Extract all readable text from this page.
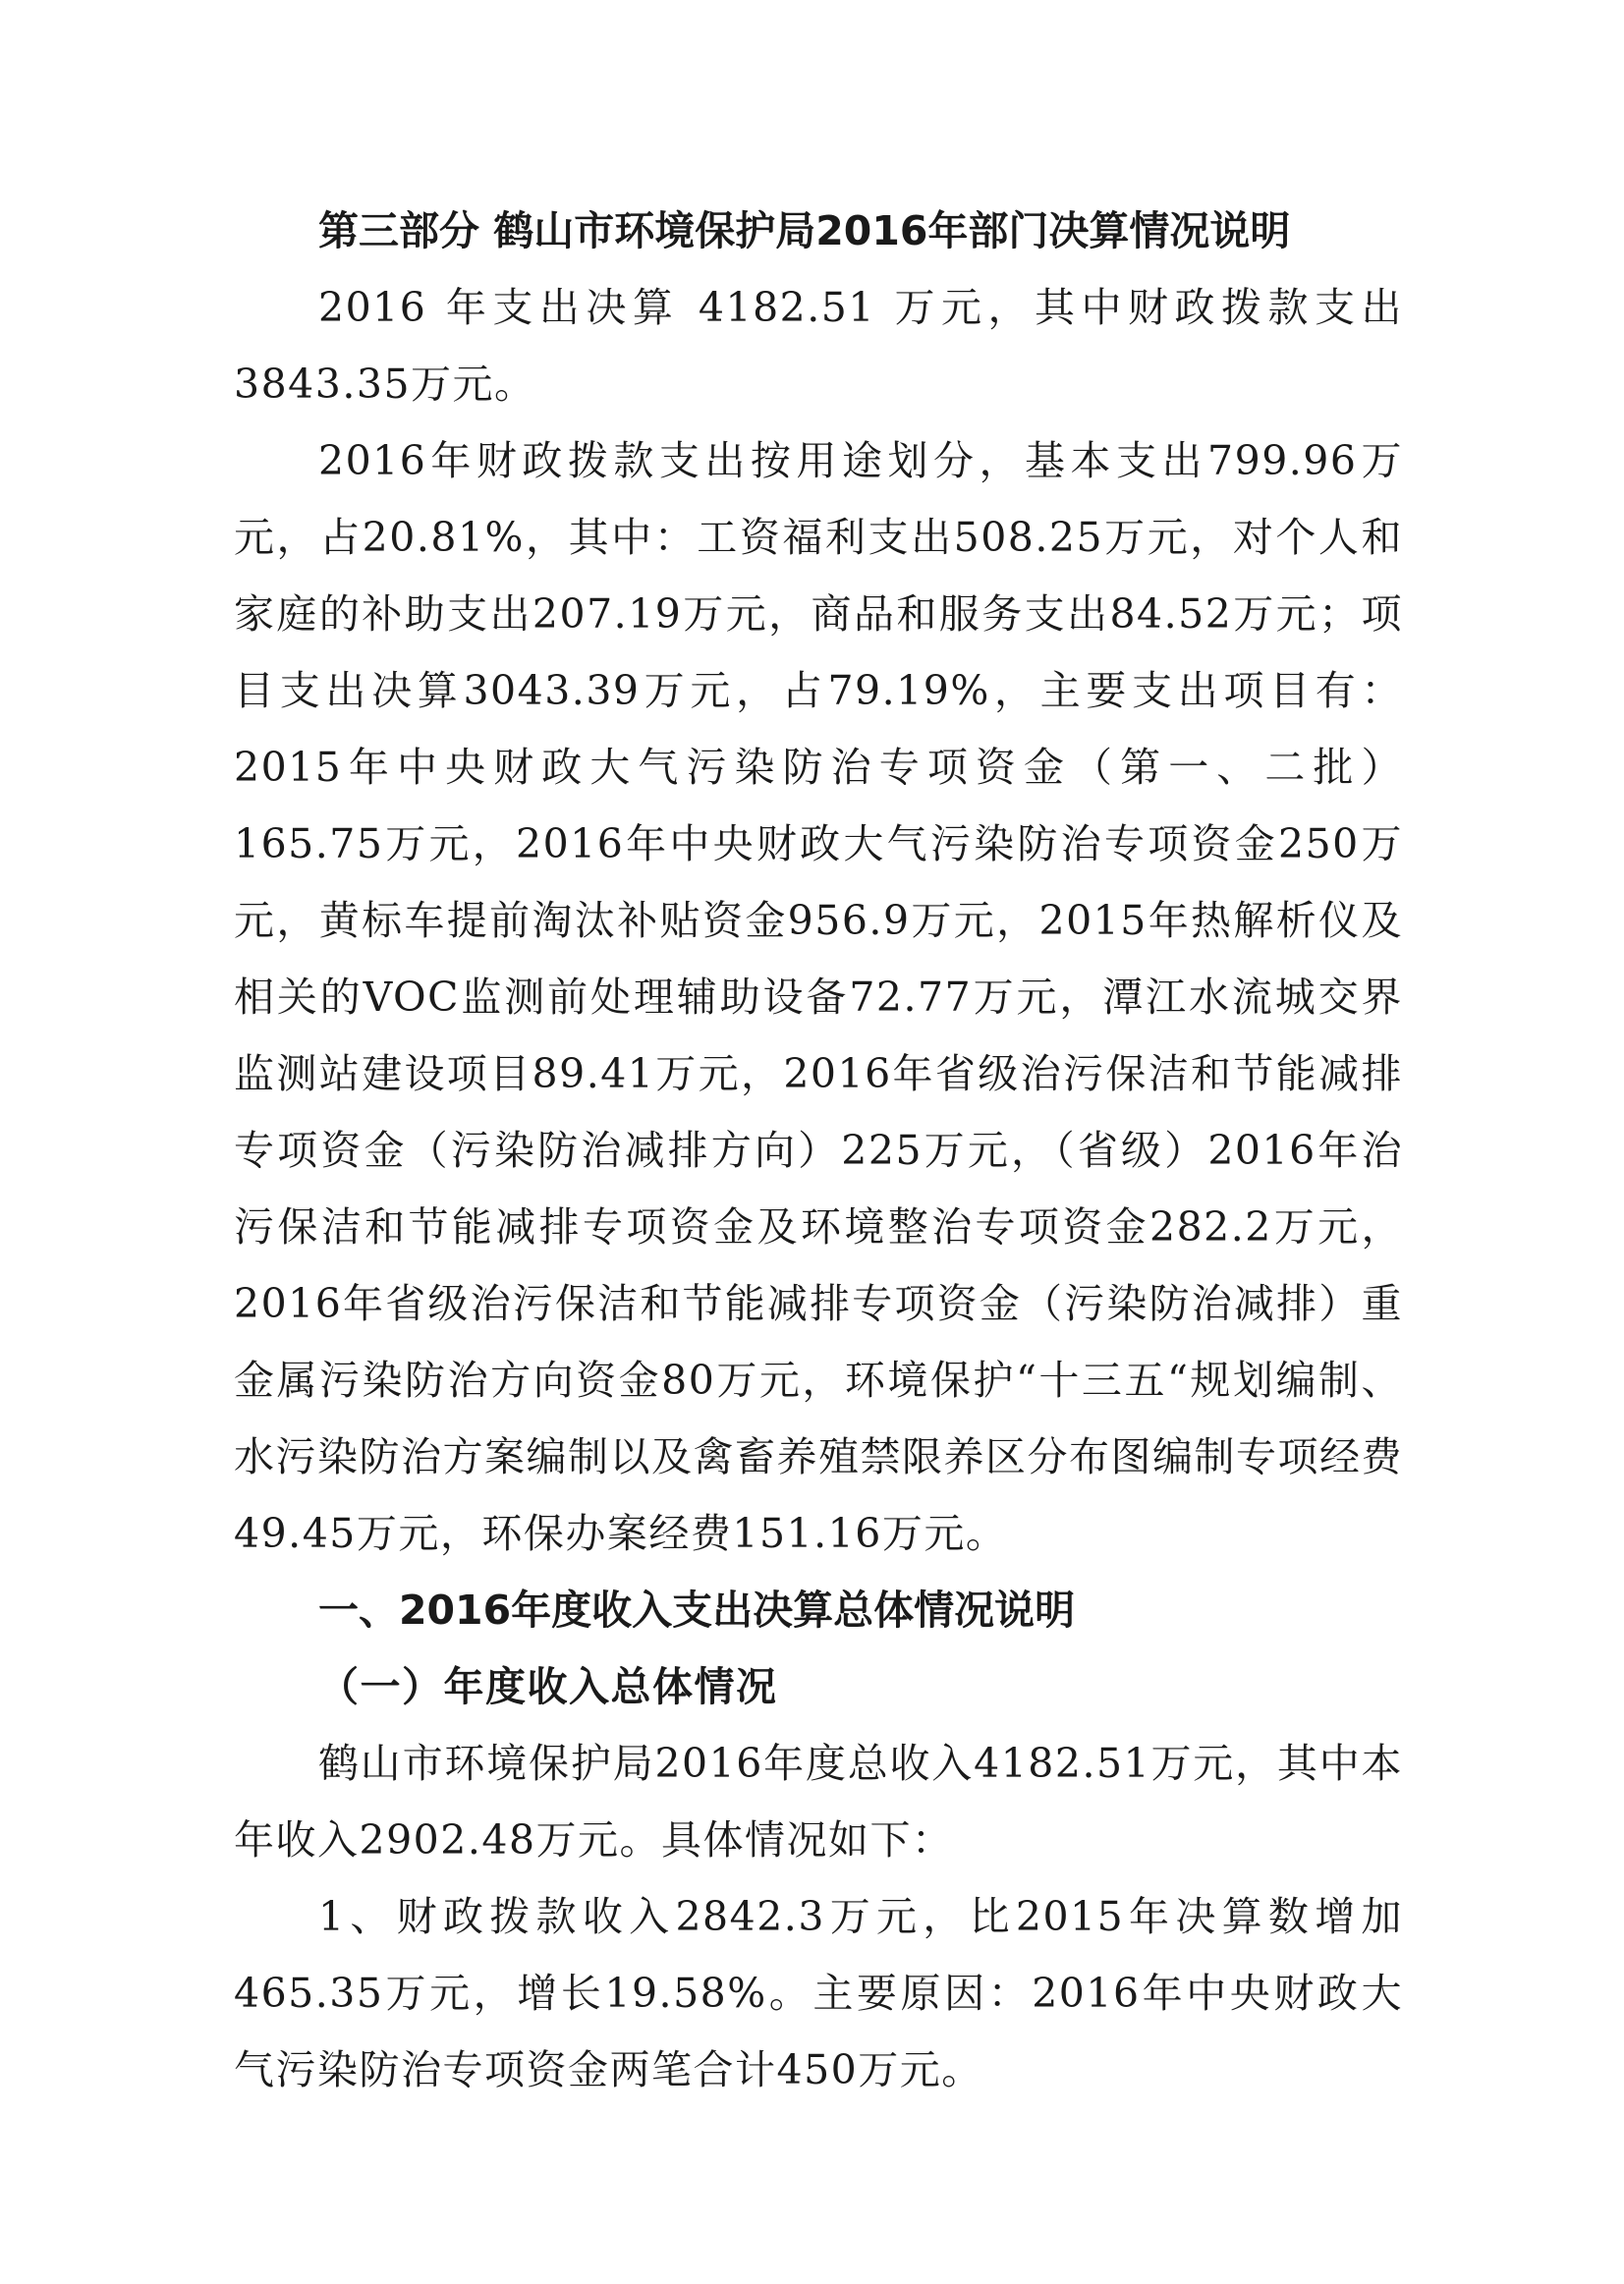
第三部分 鹤山市环境保护局2016年部门决算情况说明

2016 年支出决算 4182.51 万元，其中财政拨款支出3843.35万元。

2016年财政拨款支出按用途划分，基本支出799.96万元，占20.81%，其中：工资福利支出508.25万元，对个人和家庭的补助支出207.19万元，商品和服务支出84.52万元；项目支出决算3043.39万元，占79.19%，主要支出项目有：2015年中央财政大气污染防治专项资金（第一、二批）165.75万元，2016年中央财政大气污染防治专项资金250万元，黄标车提前淘汰补贴资金956.9万元，2015年热解析仪及相关的VOC监测前处理辅助设备72.77万元，潭江水流城交界监测站建设项目89.41万元，2016年省级治污保洁和节能减排专项资金（污染防治减排方向）225万元，（省级）2016年治污保洁和节能减排专项资金及环境整治专项资金282.2万元，2016年省级治污保洁和节能减排专项资金（污染防治减排）重金属污染防治方向资金80万元，环境保护“十三五“规划编制、水污染防治方案编制以及禽畜养殖禁限养区分布图编制专项经费49.45万元，环保办案经费151.16万元。

一、2016年度收入支出决算总体情况说明
（一）年度收入总体情况

鹤山市环境保护局2016年度总收入4182.51万元，其中本年收入2902.48万元。具体情况如下：

1、财政拨款收入2842.3万元，比2015年决算数增加465.35万元，增长19.58%。主要原因：2016年中央财政大气污染防治专项资金两笔合计450万元。
